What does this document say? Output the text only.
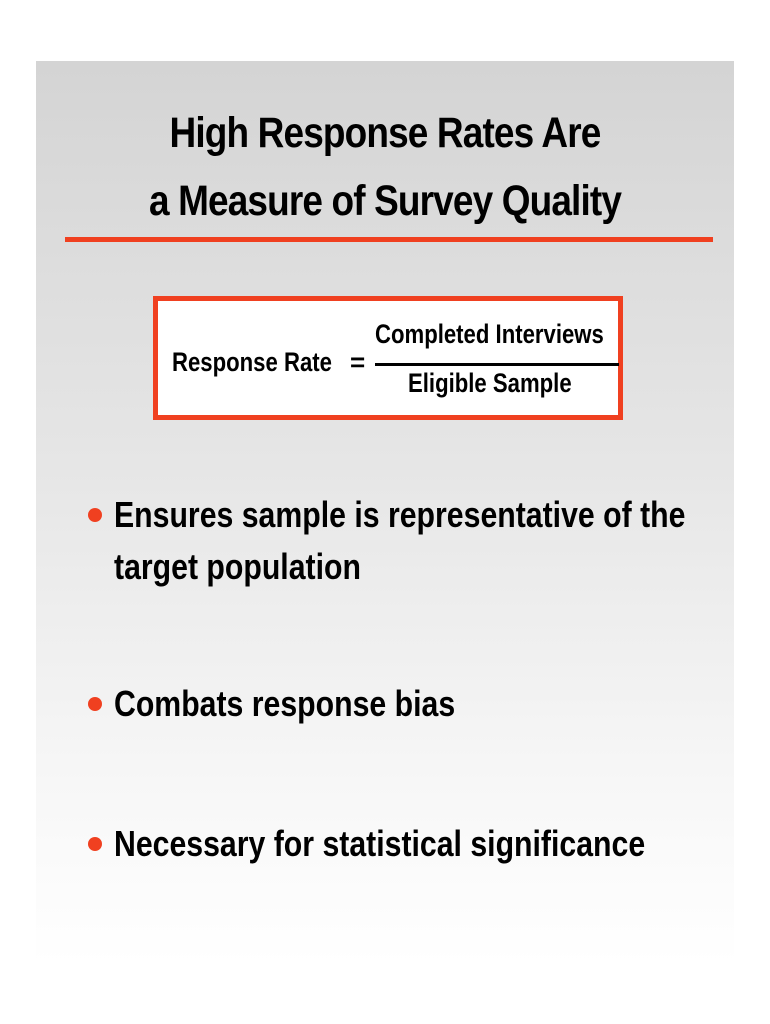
High Response Rates Are
a Measure of Survey Quality
Response Rate =
Completed Interviews
Eligible Sample
Ensures sample is representative of the target population
Combats response bias
Necessary for statistical significance
